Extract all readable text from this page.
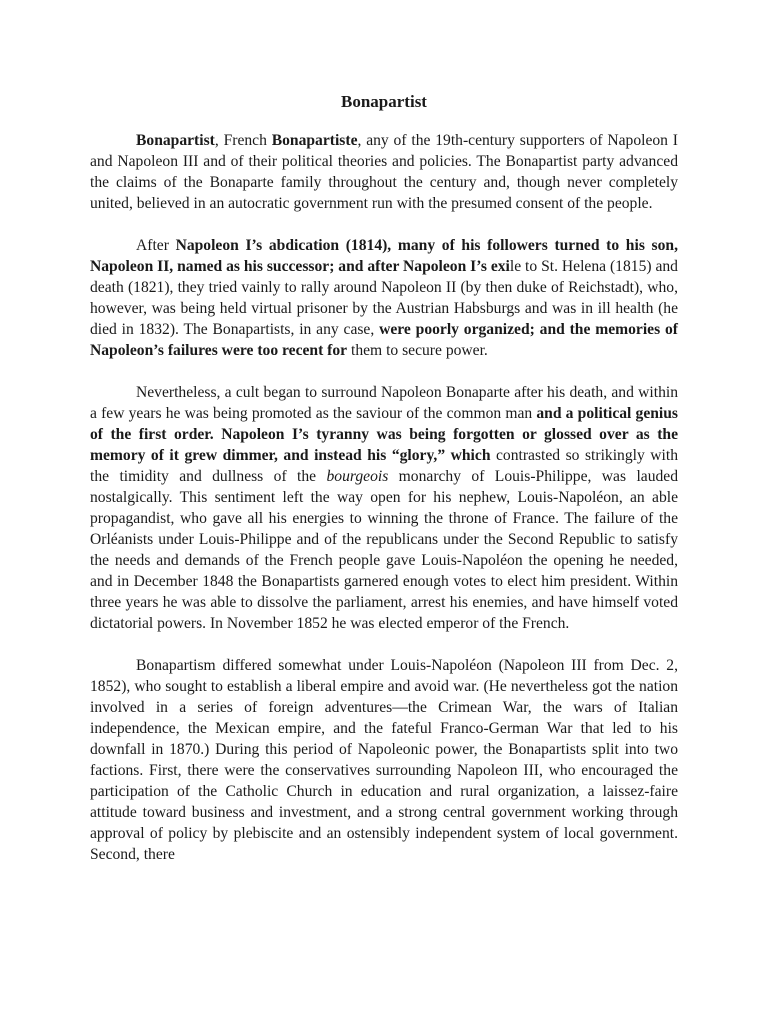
Bonapartist

Bonapartist, French Bonapartiste, any of the 19th-century supporters of Napoleon I and Napoleon III and of their political theories and policies. The Bonapartist party advanced the claims of the Bonaparte family throughout the century and, though never completely united, believed in an autocratic government run with the presumed consent of the people.

After Napoleon I’s abdication (1814), many of his followers turned to his son, Napoleon II, named as his successor; and after Napoleon I’s exile to St. Helena (1815) and death (1821), they tried vainly to rally around Napoleon II (by then duke of Reichstadt), who, however, was being held virtual prisoner by the Austrian Habsburgs and was in ill health (he died in 1832). The Bonapartists, in any case, were poorly organized; and the memories of Napoleon’s failures were too recent for them to secure power.

Nevertheless, a cult began to surround Napoleon Bonaparte after his death, and within a few years he was being promoted as the saviour of the common man and a political genius of the first order. Napoleon I’s tyranny was being forgotten or glossed over as the memory of it grew dimmer, and instead his “glory,” which contrasted so strikingly with the timidity and dullness of the bourgeois monarchy of Louis-Philippe, was lauded nostalgically. This sentiment left the way open for his nephew, Louis-Napoléon, an able propagandist, who gave all his energies to winning the throne of France. The failure of the Orléanists under Louis-Philippe and of the republicans under the Second Republic to satisfy the needs and demands of the French people gave Louis-Napoléon the opening he needed, and in December 1848 the Bonapartists garnered enough votes to elect him president. Within three years he was able to dissolve the parliament, arrest his enemies, and have himself voted dictatorial powers. In November 1852 he was elected emperor of the French.

Bonapartism differed somewhat under Louis-Napoléon (Napoleon III from Dec. 2, 1852), who sought to establish a liberal empire and avoid war. (He nevertheless got the nation involved in a series of foreign adventures—the Crimean War, the wars of Italian independence, the Mexican empire, and the fateful Franco-German War that led to his downfall in 1870.) During this period of Napoleonic power, the Bonapartists split into two factions. First, there were the conservatives surrounding Napoleon III, who encouraged the participation of the Catholic Church in education and rural organization, a laissez-faire attitude toward business and investment, and a strong central government working through approval of policy by plebiscite and an ostensibly independent system of local government. Second, there
